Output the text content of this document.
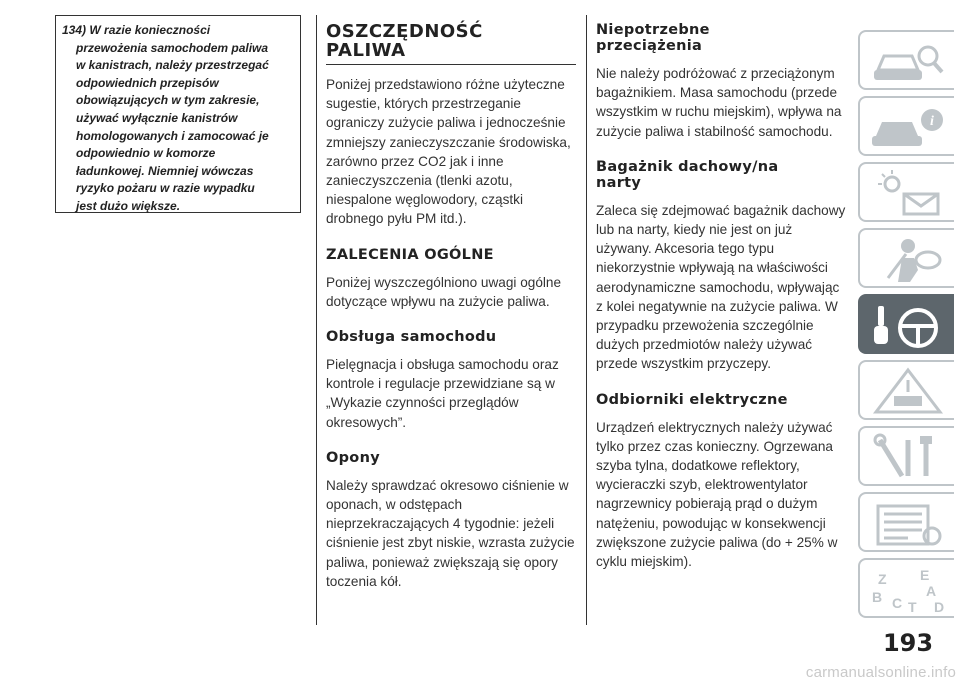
134) W razie konieczności
przewożenia samochodem paliwa
w kanistrach, należy przestrzegać
odpowiednich przepisów
obowiązujących w tym zakresie,
używać wyłącznie kanistrów
homologowanych i zamocować je
odpowiednio w komorze
ładunkowej. Niemniej wówczas
ryzyko pożaru w razie wypadku
jest dużo większe.
OSZCZĘDNOŚĆ
PALIWA

Poniżej przedstawiono różne użyteczne sugestie, których przestrzeganie ograniczy zużycie paliwa i jednocześnie zmniejszy zanieczyszczanie środowiska, zarówno przez CO2 jak i inne zanieczyszczenia (tlenki azotu, niespalone węglowodory, cząstki drobnego pyłu PM itd.).

ZALECENIA OGÓLNE

Poniżej wyszczególniono uwagi ogólne dotyczące wpływu na zużycie paliwa.

Obsługa samochodu

Pielęgnacja i obsługa samochodu oraz kontrole i regulacje przewidziane są w „Wykazie czynności przeglądów okresowych”.

Opony

Należy sprawdzać okresowo ciśnienie w oponach, w odstępach nieprzekraczających 4 tygodnie: jeżeli ciśnienie jest zbyt niskie, wzrasta zużycie paliwa, ponieważ zwiększają się opory toczenia kół.

Niepotrzebne
przeciążenia

Nie należy podróżować z przeciążonym bagażnikiem. Masa samochodu (przede wszystkim w ruchu miejskim), wpływa na zużycie paliwa i stabilność samochodu.

Bagażnik dachowy/na
narty

Zaleca się zdejmować bagażnik dachowy lub na narty, kiedy nie jest on już używany. Akcesoria tego typu niekorzystnie wpływają na właściwości aerodynamiczne samochodu, wpływając z kolei negatywnie na zużycie paliwa. W przypadku przewożenia szczególnie dużych przedmiotów należy używać przede wszystkim przyczepy.

Odbiorniki elektryczne

Urządzeń elektrycznych należy używać tylko przez czas konieczny. Ogrzewana szyba tylna, dodatkowe reflektory, wycieraczki szyb, elektrowentylator nagrzewnicy pobierają prąd o dużym natężeniu, powodując w konsekwencji zwiększone zużycie paliwa (do + 25% w cyklu miejskim).

i
Z E
A
B C T D
193
carmanualsonline.info
